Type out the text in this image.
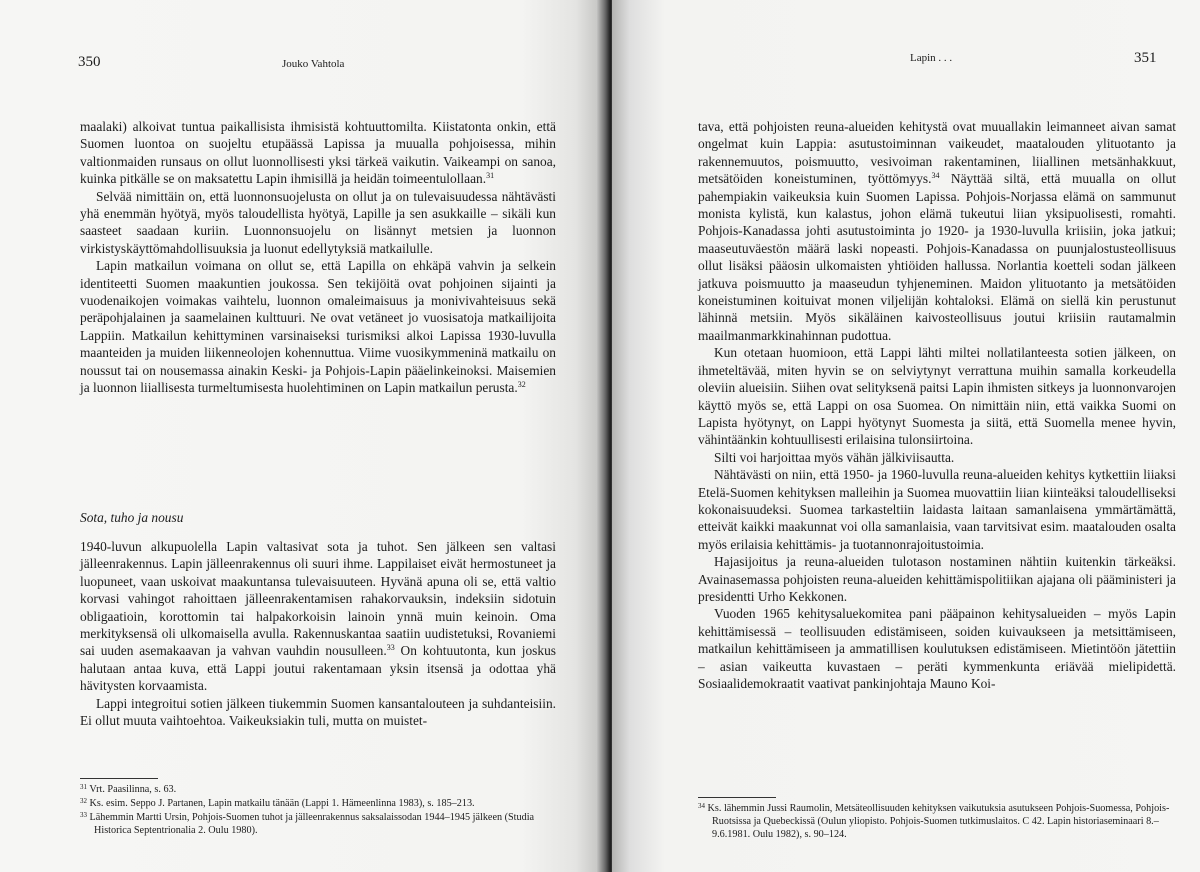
350	Jouko Vahtola

maalaki) alkoivat tuntua paikallisista ihmisistä kohtuuttomilta. Kiistatonta onkin, että Suomen luontoa on suojeltu etupäässä Lapissa ja muualla pohjoisessa, mihin valtionmaiden runsaus on ollut luonnollisesti yksi tärkeä vaikutin. Vaikeampi on sanoa, kuinka pitkälle se on maksatettu Lapin ihmisillä ja heidän toimeentulollaan.$^{31}$

Selvää nimittäin on, että luonnonsuojelusta on ollut ja on tulevaisuudessa nähtävästi yhä enemmän hyötyä, myös taloudellista hyötyä, Lapille ja sen asukkaille – sikäli kun saasteet saadaan kuriin. Luonnonsuojelu on lisännyt metsien ja luonnon virkistyskäyttömahdollisuuksia ja luonut edellytyksiä matkailulle.

Lapin matkailun voimana on ollut se, että Lapilla on ehkäpä vahvin ja selkein identiteetti Suomen maakuntien joukossa. Sen tekijöitä ovat pohjoinen sijainti ja vuodenaikojen voimakas vaihtelu, luonnon omaleimaisuus ja monivivahteisuus sekä peräpohjalainen ja saamelainen kulttuuri. Ne ovat vetäneet jo vuosisatoja matkailijoita Lappiin. Matkailun kehittyminen varsinaiseksi turismiksi alkoi Lapissa 1930-luvulla maanteiden ja muiden liikenneolojen kohennuttua. Viime vuosikymmeninä matkailu on noussut tai on nousemassa ainakin Keski- ja Pohjois-Lapin pääelinkeinoksi. Maisemien ja luonnon liiallisesta turmeltumisesta huolehtiminen on Lapin matkailun perusta.$^{32}$

Sota, tuho ja nousu

1940-luvun alkupuolella Lapin valtasivat sota ja tuhot. Sen jälkeen sen valtasi jälleenrakennus. Lapin jälleenrakennus oli suuri ihme. Lappilaiset eivät hermostuneet ja luopuneet, vaan uskoivat maakuntansa tulevaisuuteen. Hyvänä apuna oli se, että valtio korvasi vahingot rahoittaen jälleenrakentamisen rahakorvauksin, indeksiin sidotuin obligaatioin, korottomin tai halpakorkoisin lainoin ynnä muin keinoin. Oma merkityksensä oli ulkomaisella avulla. Rakennuskantaa saatiin uudistetuksi, Rovaniemi sai uuden asemakaavan ja vahvan vauhdin nousulleen.$^{33}$ On kohtuutonta, kun joskus halutaan antaa kuva, että Lappi joutui rakentamaan yksin itsensä ja odottaa yhä hävitysten korvaamista.

Lappi integroitui sotien jälkeen tiukemmin Suomen kansantalouteen ja suhdanteisiin. Ei ollut muuta vaihtoehtoa. Vaikeuksiakin tuli, mutta on muistet-

$^{31}$ Vrt. Paasilinna, s. 63.
$^{32}$ Ks. esim. Seppo J. Partanen, Lapin matkailu tänään (Lappi 1. Hämeenlinna 1983), s. 185–213.
$^{33}$ Lähemmin Martti Ursin, Pohjois-Suomen tuhot ja jälleenrakennus saksalaissodan 1944–1945 jälkeen (Studia Historica Septentrionalia 2. Oulu 1980).
Lapin . . .	351

tava, että pohjoisten reuna-alueiden kehitystä ovat muuallakin leimanneet aivan samat ongelmat kuin Lappia: asutustoiminnan vaikeudet, maatalouden ylituotanto ja rakennemuutos, poismuutto, vesivoiman rakentaminen, liiallinen metsänhakkuut, metsätöiden koneistuminen, työttömyys.$^{34}$ Näyttää siltä, että muualla on ollut pahempiakin vaikeuksia kuin Suomen Lapissa. Pohjois-Norjassa elämä on sammunut monista kylistä, kun kalastus, johon elämä tukeutui liian yksipuolisesti, romahti. Pohjois-Kanadassa johti asutustoiminta jo 1920- ja 1930-luvulla kriisiin, joka jatkui; maaseutuväestön määrä laski nopeasti. Pohjois-Kanadassa on puunjalostusteollisuus ollut lisäksi pääosin ulkomaisten yhtiöiden hallussa. Norlantia koetteli sodan jälkeen jatkuva poismuutto ja maaseudun tyhjeneminen. Maidon ylituotanto ja metsätöiden koneistuminen koituivat monen viljelijän kohtaloksi. Elämä on siellä kin perustunut lähinnä metsiin. Myös sikäläinen kaivosteollisuus joutui kriisiin rautamalmin maailmanmarkkinahinnan pudottua.

Kun otetaan huomioon, että Lappi lähti miltei nollatilanteesta sotien jälkeen, on ihmeteltävää, miten hyvin se on selviytynyt verrattuna muihin samalla korkeudella oleviin alueisiin. Siihen ovat selityksenä paitsi Lapin ihmisten sitkeys ja luonnonvarojen käyttö myös se, että Lappi on osa Suomea. On nimittäin niin, että vaikka Suomi on Lapista hyötynyt, on Lappi hyötynyt Suomesta ja siitä, että Suomella menee hyvin, vähintäänkin kohtuullisesti erilaisina tulonsiirtoina.

Silti voi harjoittaa myös vähän jälkiviisautta.

Nähtävästi on niin, että 1950- ja 1960-luvulla reuna-alueiden kehitys kytkettiin liiaksi Etelä-Suomen kehityksen malleihin ja Suomea muovattiin liian kiinteäksi taloudelliseksi kokonaisuudeksi. Suomea tarkasteltiin laidasta laitaan samanlaisena ymmärtämättä, etteivät kaikki maakunnat voi olla samanlaisia, vaan tarvitsivat esim. maatalouden osalta myös erilaisia kehittämis- ja tuotannonrajoitustoimia.

Hajasijoitus ja reuna-alueiden tulotason nostaminen nähtiin kuitenkin tärkeäksi. Avainasemassa pohjoisten reuna-alueiden kehittämispolitiikan ajajana oli pääministeri ja presidentti Urho Kekkonen.

Vuoden 1965 kehitysaluekomitea pani pääpainon kehitysalueiden – myös Lapin kehittämisessä – teollisuuden edistämiseen, soiden kuivaukseen ja metsittämiseen, matkailun kehittämiseen ja ammatillisen koulutuksen edistämiseen. Mietintöön jätettiin – asian vaikeutta kuvastaen – peräti kymmenkunta eriävää mielipidettä. Sosiaalidemokraatit vaativat pankinjohtaja Mauno Koi-

$^{34}$ Ks. lähemmin Jussi Raumolin, Metsäteollisuuden kehityksen vaikutuksia asutukseen Pohjois-Suomessa, Pohjois-Ruotsissa ja Quebeckissä (Oulun yliopisto. Pohjois-Suomen tutkimuslaitos. C 42. Lapin historiaseminaari 8.–9.6.1981. Oulu 1982), s. 90–124.
